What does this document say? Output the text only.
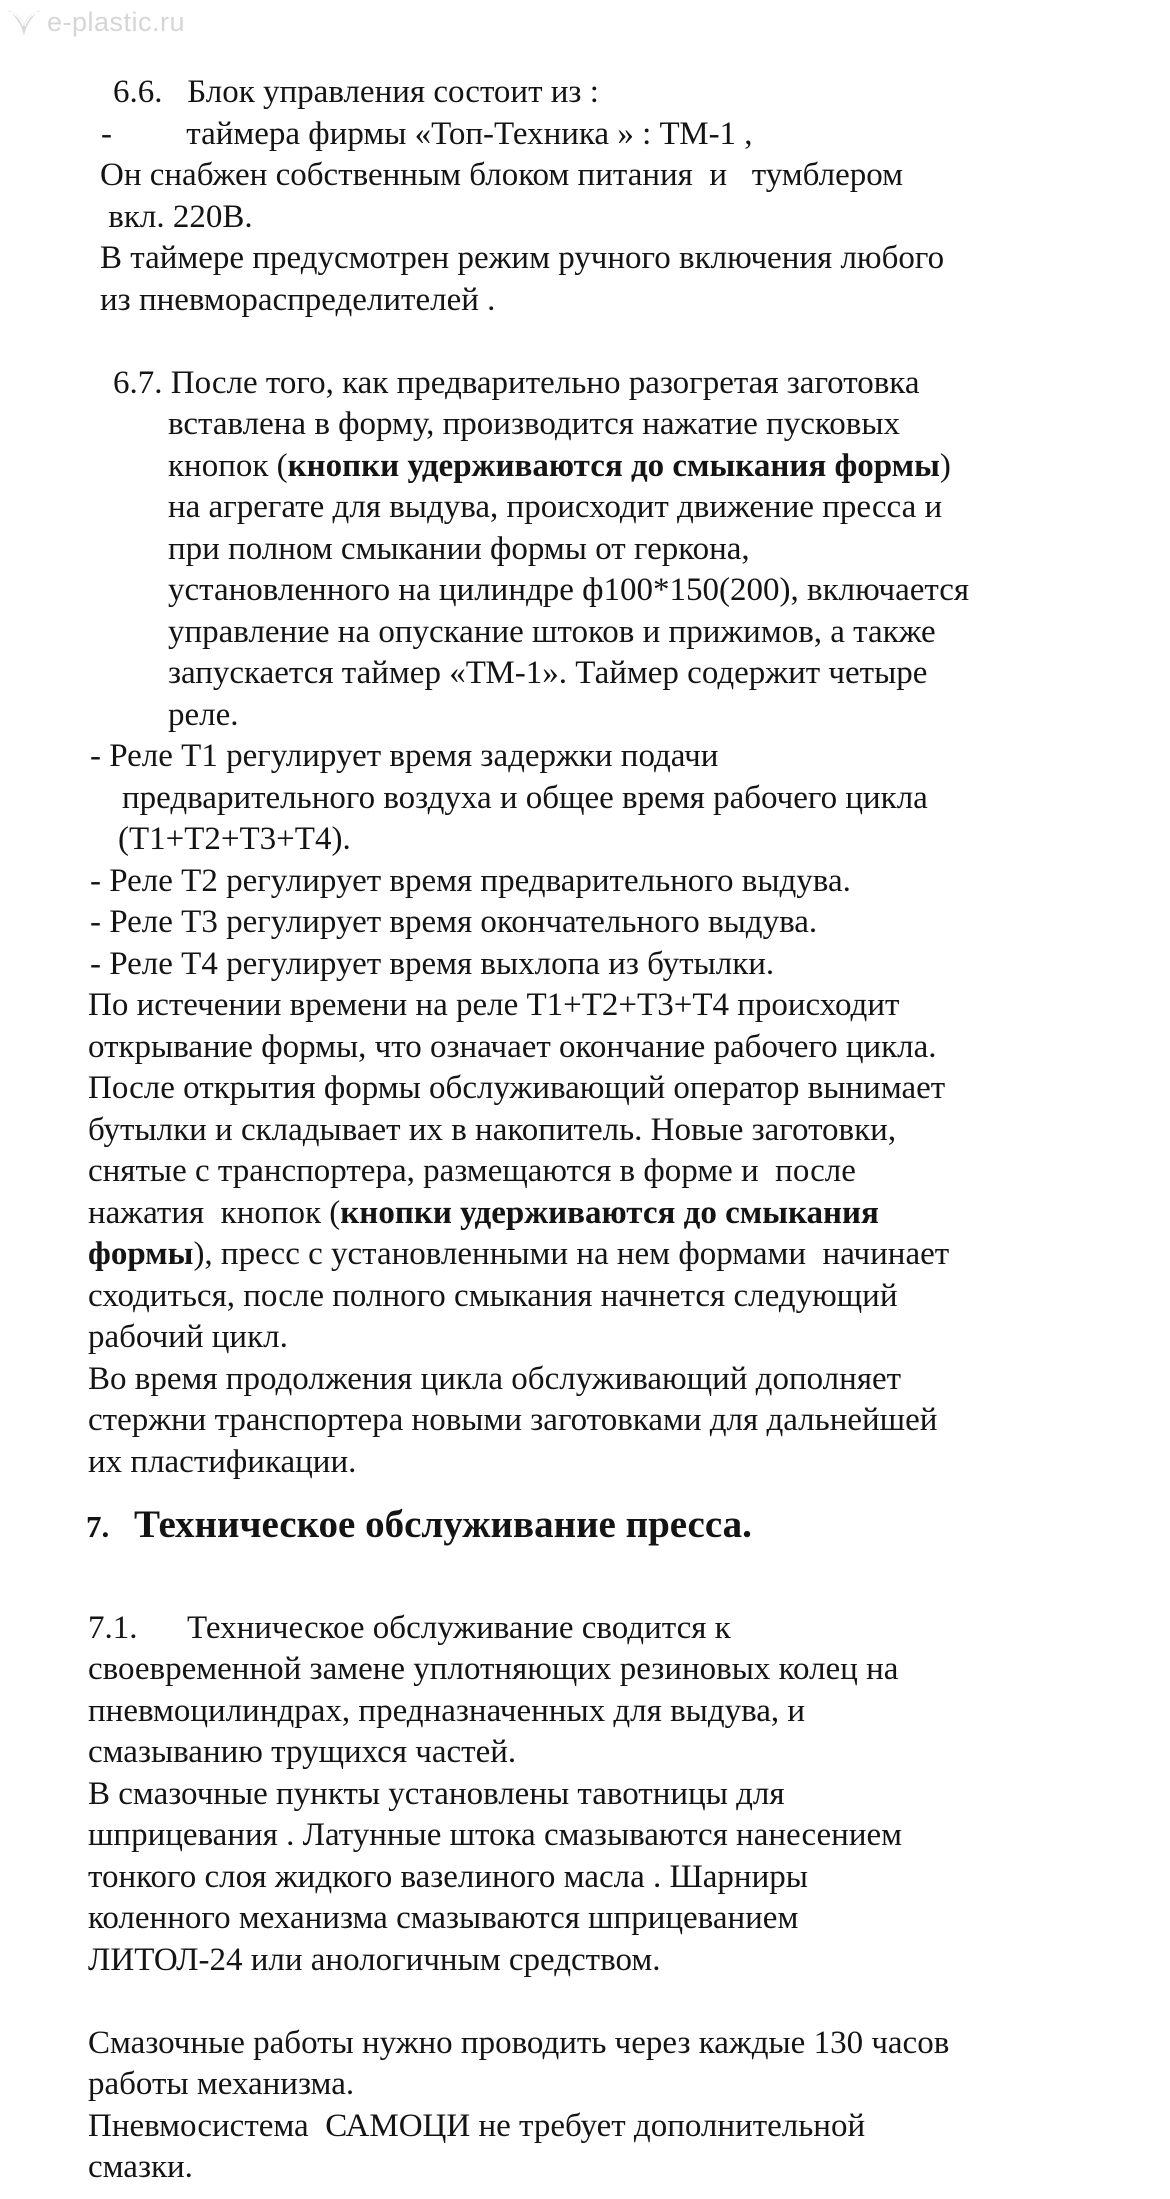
e-plastic.ru
6.6.   Блок управления состоит из :
-         таймера фирмы «Топ-Техника » : ТМ-1 ,
Он снабжен собственным блоком питания  и   тумблером
вкл. 220В.
В таймере предусмотрен режим ручного включения любого
из пневмораспределителей .
6.7. После того, как предварительно разогретая заготовка
вставлена в форму, производится нажатие пусковых
кнопок (кнопки удерживаются до смыкания формы)
на агрегате для выдува, происходит движение пресса и
при полном смыкании формы от геркона,
установленного на цилиндре ф100*150(200), включается
управление на опускание штоков и прижимов, а также
запускается таймер «ТМ-1». Таймер содержит четыре
реле.
- Реле Т1 регулирует время задержки подачи
предварительного воздуха и общее время рабочего цикла
(Т1+Т2+Т3+Т4).
- Реле Т2 регулирует время предварительного выдува.
- Реле Т3 регулирует время окончательного выдува.
- Реле Т4 регулирует время выхлопа из бутылки.
По истечении времени на реле Т1+Т2+Т3+Т4 происходит
открывание формы, что означает окончание рабочего цикла.
После открытия формы обслуживающий оператор вынимает
бутылки и складывает их в накопитель. Новые заготовки,
снятые с транспортера, размещаются в форме и  после
нажатия  кнопок (кнопки удерживаются до смыкания
формы), пресс с установленными на нем формами  начинает
сходиться, после полного смыкания начнется следующий
рабочий цикл.
Во время продолжения цикла обслуживающий дополняет
стержни транспортера новыми заготовками для дальнейшей
их пластификации.
7. Техническое обслуживание пресса.
7.1.      Техническое обслуживание сводится к
своевременной замене уплотняющих резиновых колец на
пневмоцилиндрах, предназначенных для выдува, и
смазыванию трущихся частей.
В смазочные пункты установлены тавотницы для
шприцевания . Латунные штока смазываются нанесением
тонкого слоя жидкого вазелиного масла . Шарниры
коленного механизма смазываются шприцеванием
ЛИТОЛ-24 или анологичным средством.
Смазочные работы нужно проводить через каждые 130 часов
работы механизма.
Пневмосистема  САМОЦИ не требует дополнительной
смазки.
